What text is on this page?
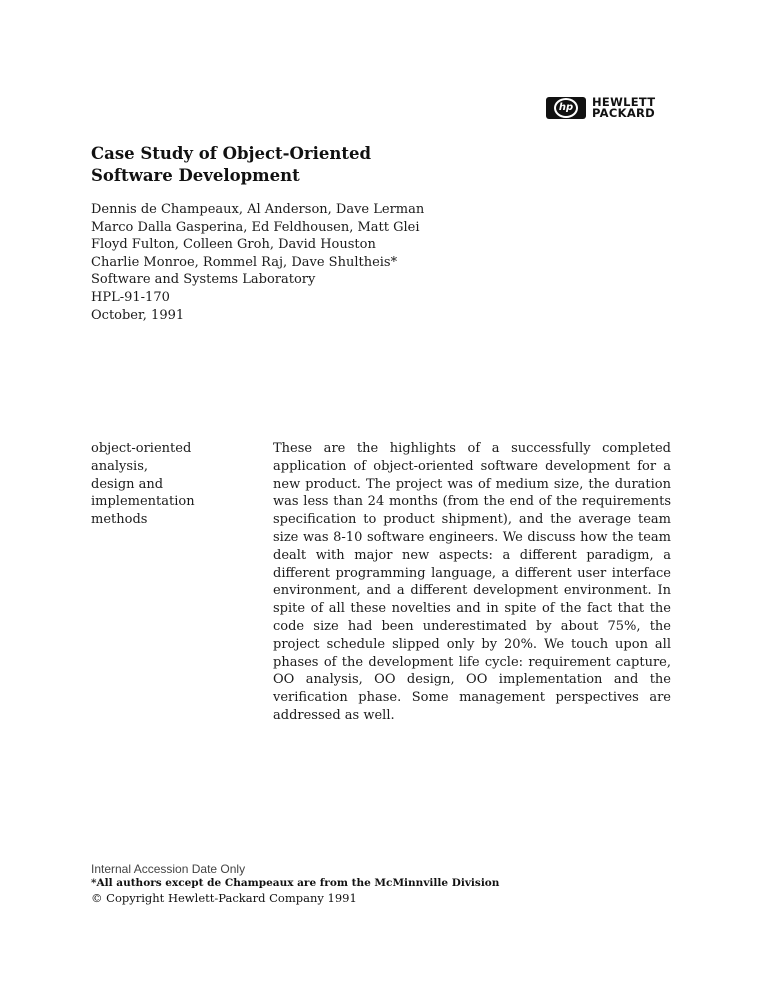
hp	HEWLETT
PACKARD
Case Study of Object-Oriented
Software Development
Dennis de Champeaux, Al Anderson, Dave Lerman
Marco Dalla Gasperina, Ed Feldhousen, Matt Glei
Floyd Fulton, Colleen Groh, David Houston
Charlie Monroe, Rommel Raj, Dave Shultheis*
Software and Systems Laboratory
HPL-91-170
October, 1991
object-oriented
analysis,
design and
implementation
methods

These are the highlights of a successfully completed application of object-oriented software development for a new product. The project was of medium size, the duration was less than 24 months (from the end of the requirements specification to product shipment), and the average team size was 8-10 software engineers. We discuss how the team dealt with major new aspects: a different paradigm, a different programming language, a different user interface environment, and a different development environment. In spite of all these novelties and in spite of the fact that the code size had been underestimated by about 75%, the project schedule slipped only by 20%. We touch upon all phases of the development life cycle: requirement capture, OO analysis, OO design, OO implementation and the verification phase. Some management perspectives are addressed as well.

Internal Accession Date Only
*All authors except de Champeaux are from the McMinnville Division
© Copyright Hewlett-Packard Company 1991
